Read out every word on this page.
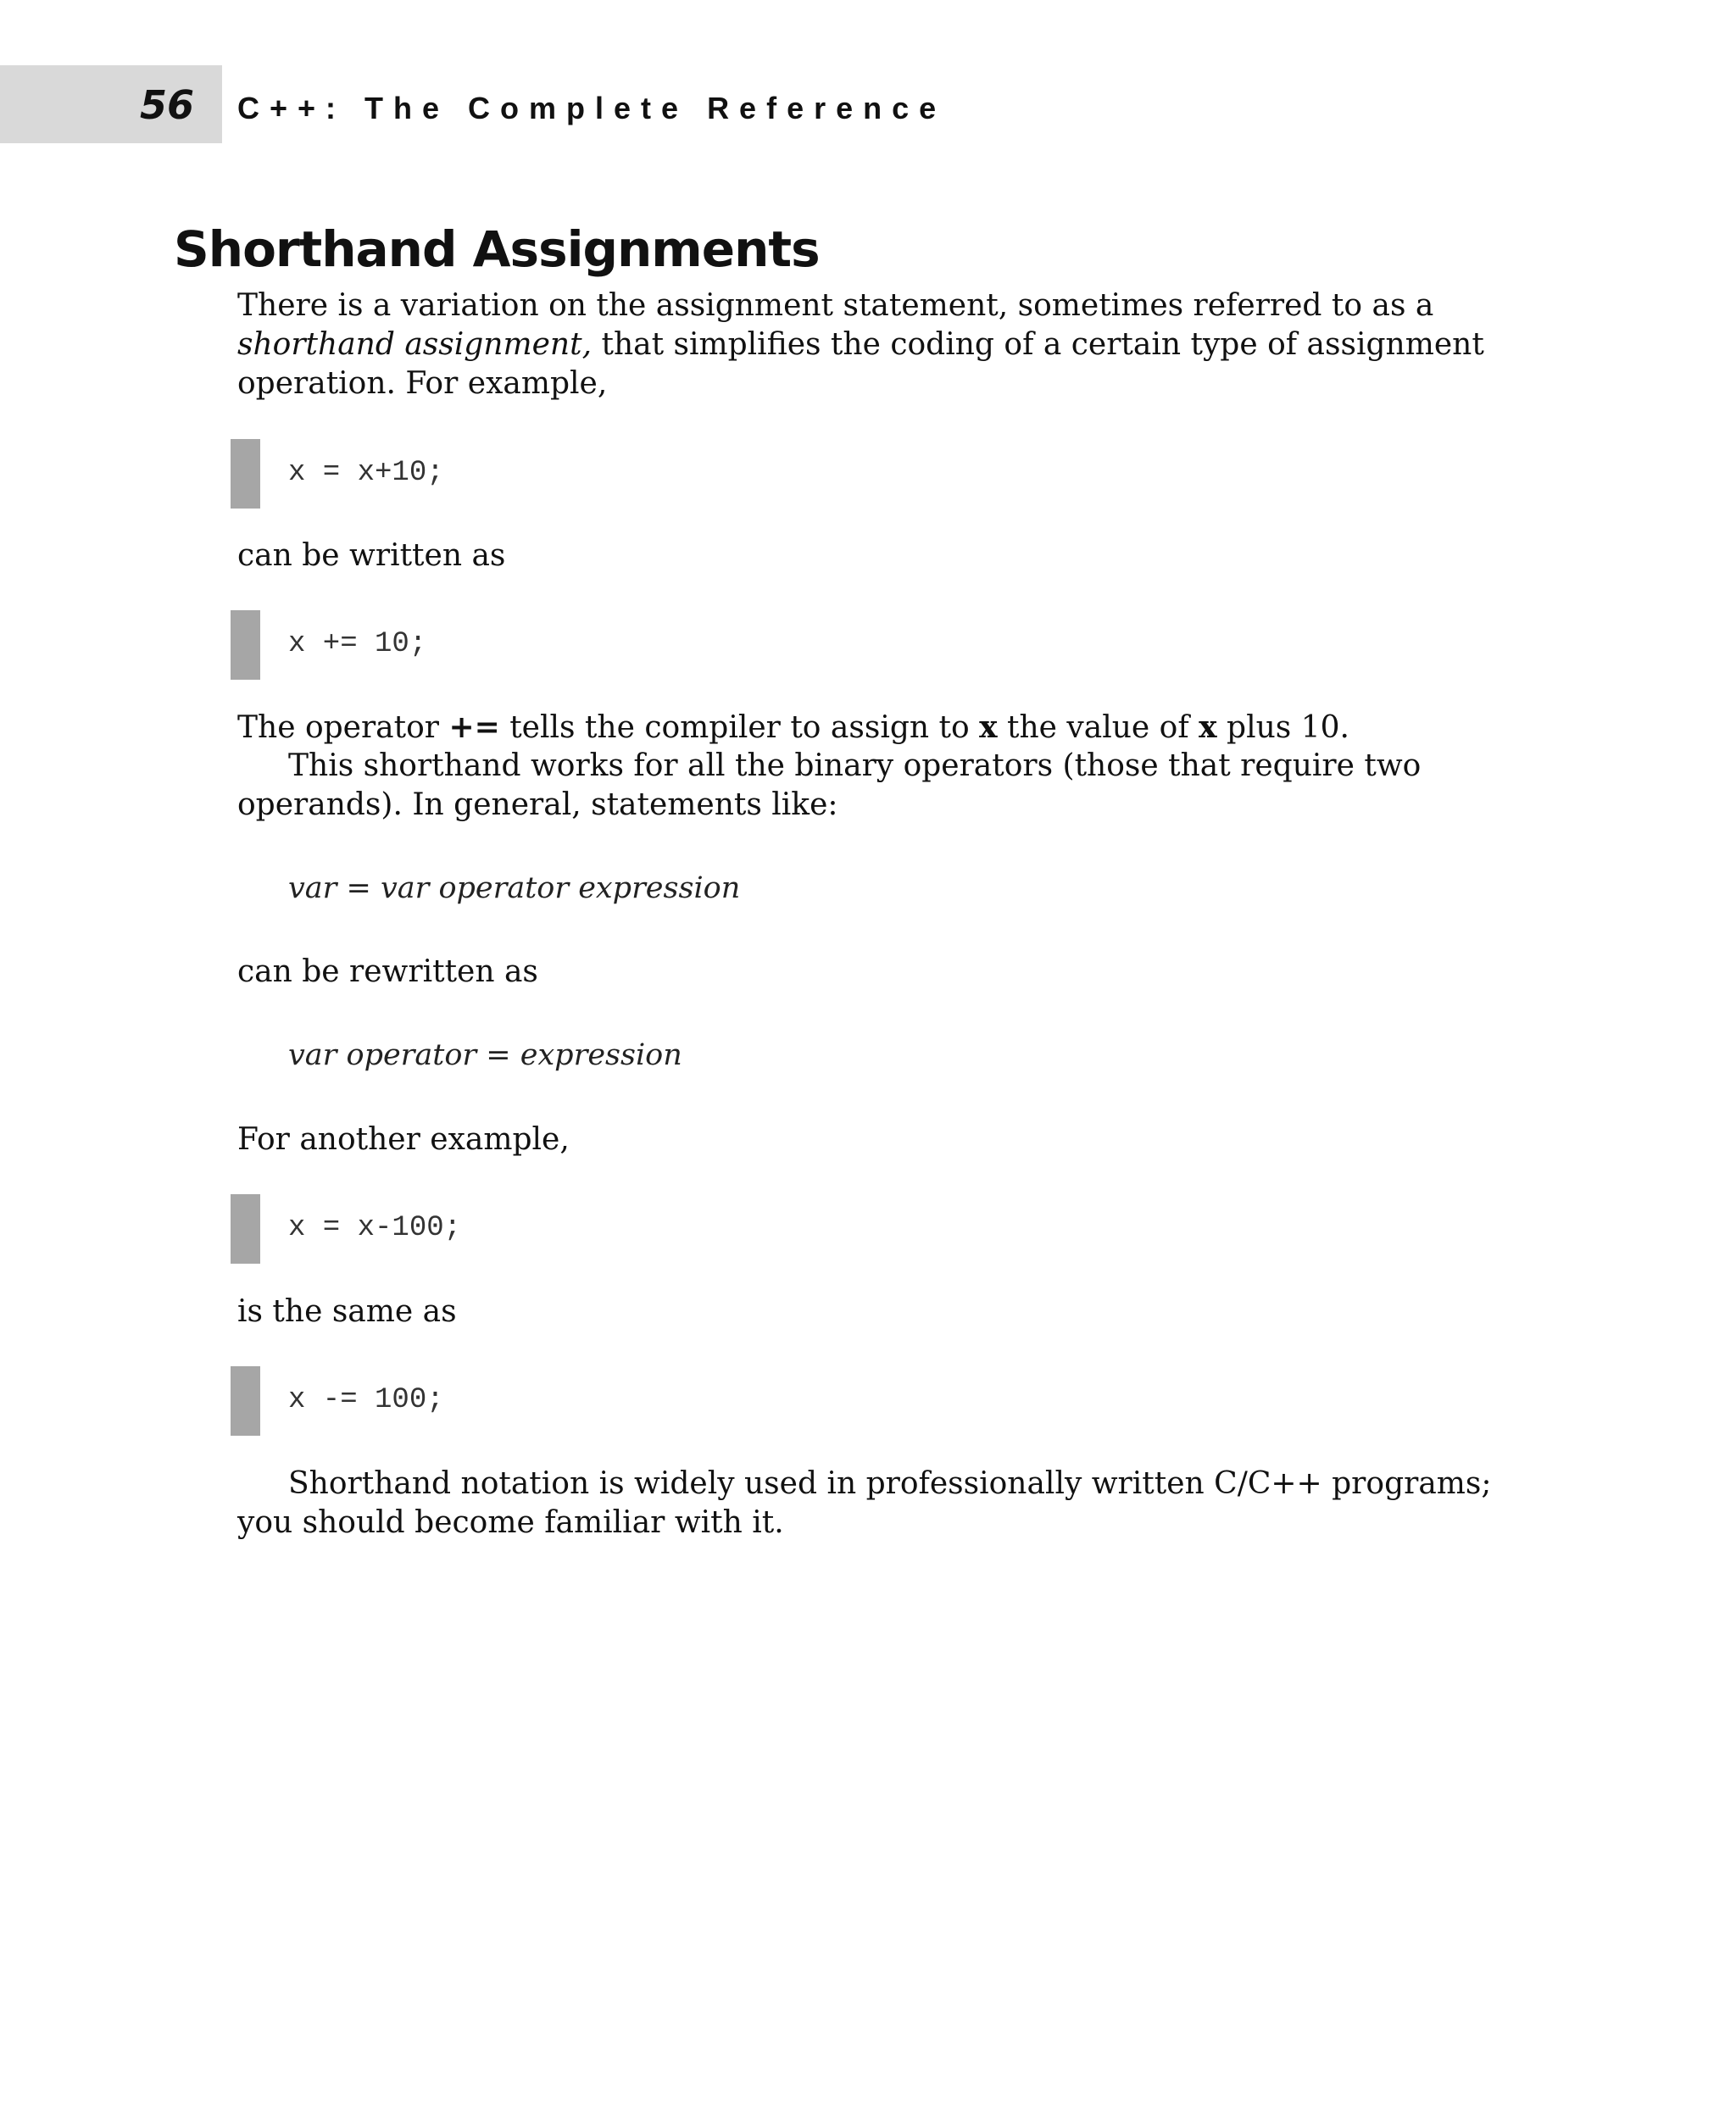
56 C++: The Complete Reference
Shorthand Assignments

There is a variation on the assignment statement, sometimes referred to as a shorthand assignment, that simplifies the coding of a certain type of assignment operation. For example,

x = x+10;

can be written as

x += 10;

The operator += tells the compiler to assign to x the value of x plus 10.

This shorthand works for all the binary operators (those that require two operands). In general, statements like:

var = var operator expression

can be rewritten as

var operator = expression

For another example,

x = x-100;

is the same as

x -= 100;

Shorthand notation is widely used in professionally written C/C++ programs; you should become familiar with it.
